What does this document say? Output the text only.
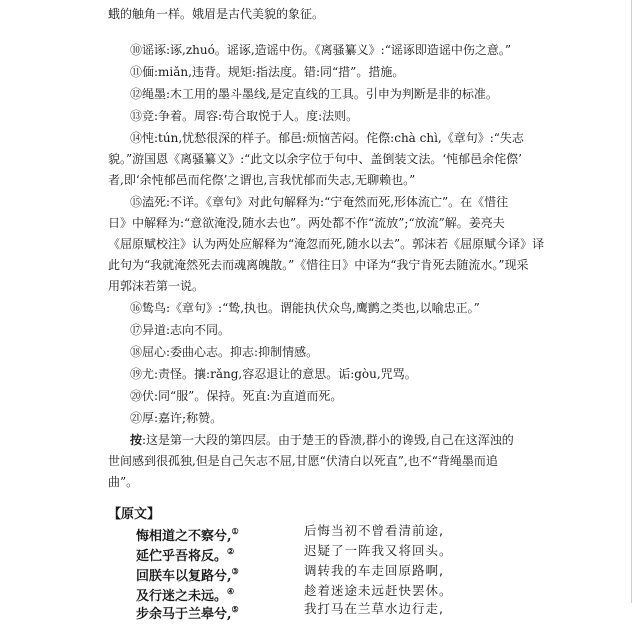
蛾的触角一样。娥眉是古代美貌的象征。
⑩谣诼:诼,zhuó。谣诼,造谣中伤。《离骚纂义》:“谣诼即造谣中伤之意。”
⑪偭:miǎn,违背。规矩:指法度。错:同“措”。措施。
⑫绳墨:木工用的墨斗墨线,是定直线的工具。引申为判断是非的标准。
⑬竞:争着。周容:苟合取悦于人。度:法则。
⑭忳:tún,忧愁很深的样子。郁邑:烦恼苦闷。侘傺:chà chì,《章句》:“失志
貌。”游国恩《离骚纂义》:“此文以余字位于句中、盖倒装文法。‘忳郁邑余侘傺’
者,即‘余忳郁邑而侘傺’之谓也,言我忧郁而失志,无聊赖也。”
⑮溘死:不详。《章句》对此句解释为:“宁奄然而死,形体流亡”。在《惜往
日》中解释为:“意欲淹没,随水去也”。两处都不作“流放”;“放流”解。姜亮夫
《屈原赋校注》认为两处应解释为“淹忽而死,随水以去”。郭沫若《屈原赋今译》译
此句为“我就淹然死去而魂离魄散。”《惜往日》中译为“我宁肯死去随流水。”现采
用郭沫若第一说。
⑯鸷鸟:《章句》:“鸷,执也。谓能执伏众鸟,鹰鹯之类也,以喻忠正。”
⑰异道:志向不同。
⑱屈心:委曲心志。抑志:抑制情感。
⑲尤:责怪。攘:rǎng,容忍退让的意思。诟:gòu,咒骂。
⑳伏:同“服”。保持。死直:为直道而死。
㉑厚:嘉许;称赞。
按:这是第一大段的第四层。由于楚王的昏溃,群小的谗毁,自己在这浑浊的
世间感到很孤独,但是自己矢志不屈,甘愿“伏清白以死直”,也不“背绳墨而追
曲”。
【原文】
悔相道之不察兮,①	后悔当初不曾看清前途,
延伫乎吾将反。②	迟疑了一阵我又将回头。
回朕车以复路兮,③	调转我的车走回原路啊,
及行迷之未远。④	趁着迷途未远赶快罢休。
步余马于兰皋兮,⑤	我打马在兰草水边行走,
